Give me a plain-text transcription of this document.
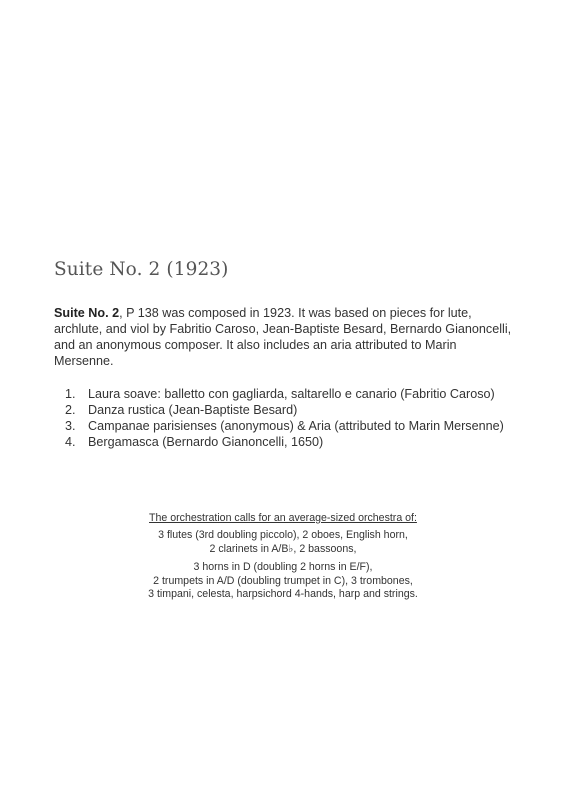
Suite No. 2 (1923)

Suite No. 2, P 138 was composed in 1923. It was based on pieces for lute, archlute, and viol by Fabritio Caroso, Jean-Baptiste Besard, Bernardo Gianoncelli, and an anonymous composer. It also includes an aria attributed to Marin Mersenne.

1. Laura soave: balletto con gagliarda, saltarello e canario (Fabritio Caroso)
2. Danza rustica (Jean-Baptiste Besard)
3. Campanae parisienses (anonymous) & Aria (attributed to Marin Mersenne)
4. Bergamasca (Bernardo Gianoncelli, 1650)
The orchestration calls for an average-sized orchestra of:
3 flutes (3rd doubling piccolo), 2 oboes, English horn,
2 clarinets in A/B♭, 2 bassoons,
3 horns in D (doubling 2 horns in E/F),
2 trumpets in A/D (doubling trumpet in C), 3 trombones,
3 timpani, celesta, harpsichord 4-hands, harp and strings.
